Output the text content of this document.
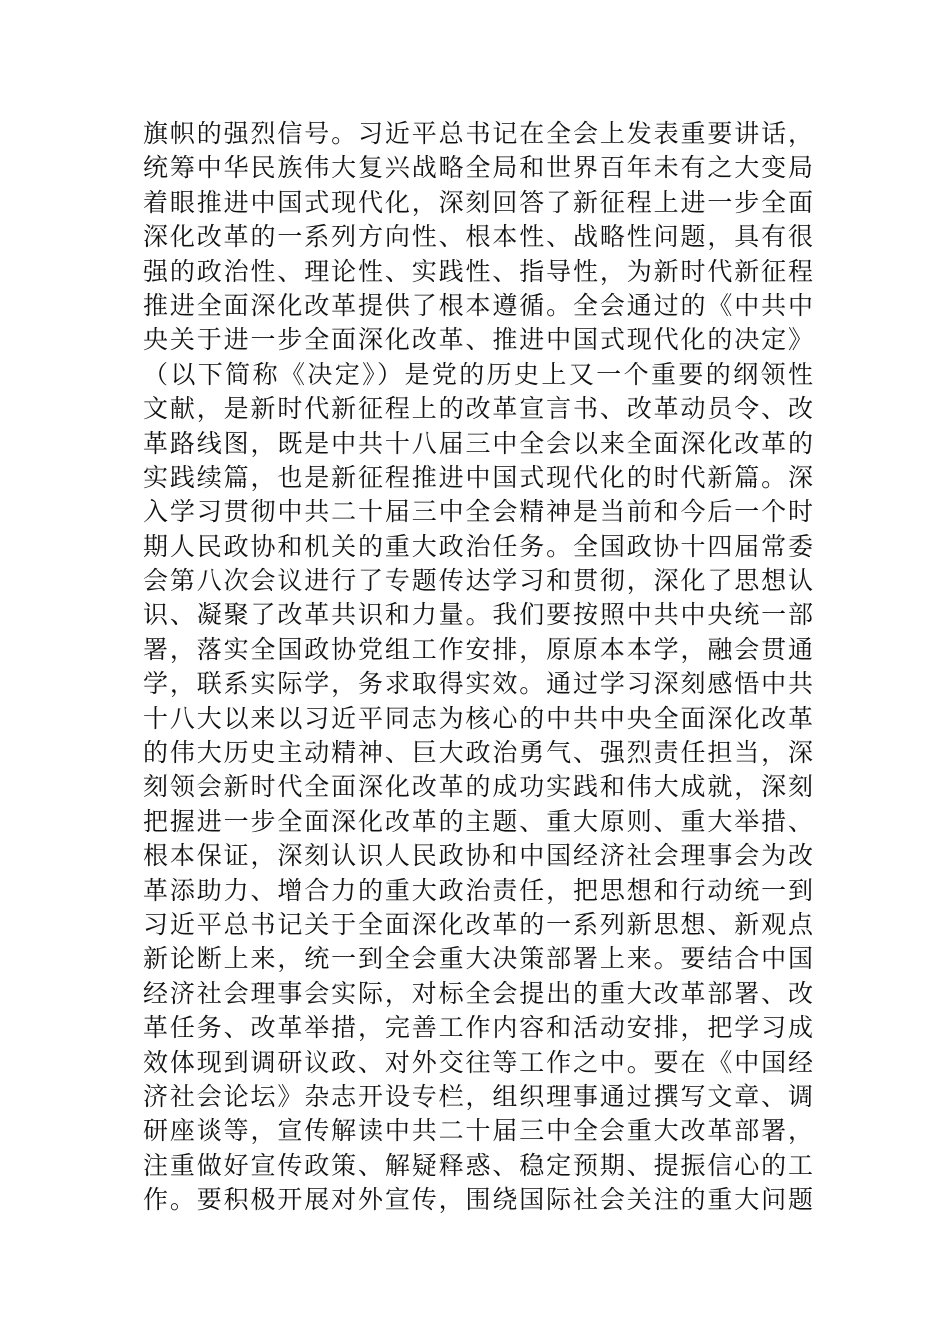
旗帜的强烈信号。习近平总书记在全会上发表重要讲话，
统筹中华民族伟大复兴战略全局和世界百年未有之大变局
着眼推进中国式现代化，深刻回答了新征程上进一步全面
深化改革的一系列方向性、根本性、战略性问题，具有很
强的政治性、理论性、实践性、指导性，为新时代新征程
推进全面深化改革提供了根本遵循。全会通过的《中共中
央关于进一步全面深化改革、推进中国式现代化的决定》
（以下简称《决定》）是党的历史上又一个重要的纲领性
文献，是新时代新征程上的改革宣言书、改革动员令、改
革路线图，既是中共十八届三中全会以来全面深化改革的
实践续篇，也是新征程推进中国式现代化的时代新篇。深
入学习贯彻中共二十届三中全会精神是当前和今后一个时
期人民政协和机关的重大政治任务。全国政协十四届常委
会第八次会议进行了专题传达学习和贯彻，深化了思想认
识、凝聚了改革共识和力量。我们要按照中共中央统一部
署，落实全国政协党组工作安排，原原本本学，融会贯通
学，联系实际学，务求取得实效。通过学习深刻感悟中共
十八大以来以习近平同志为核心的中共中央全面深化改革
的伟大历史主动精神、巨大政治勇气、强烈责任担当，深
刻领会新时代全面深化改革的成功实践和伟大成就，深刻
把握进一步全面深化改革的主题、重大原则、重大举措、
根本保证，深刻认识人民政协和中国经济社会理事会为改
革添助力、增合力的重大政治责任，把思想和行动统一到
习近平总书记关于全面深化改革的一系列新思想、新观点
新论断上来，统一到全会重大决策部署上来。要结合中国
经济社会理事会实际，对标全会提出的重大改革部署、改
革任务、改革举措，完善工作内容和活动安排，把学习成
效体现到调研议政、对外交往等工作之中。要在《中国经
济社会论坛》杂志开设专栏，组织理事通过撰写文章、调
研座谈等，宣传解读中共二十届三中全会重大改革部署，
注重做好宣传政策、解疑释惑、稳定预期、提振信心的工
作。要积极开展对外宣传，围绕国际社会关注的重大问题
